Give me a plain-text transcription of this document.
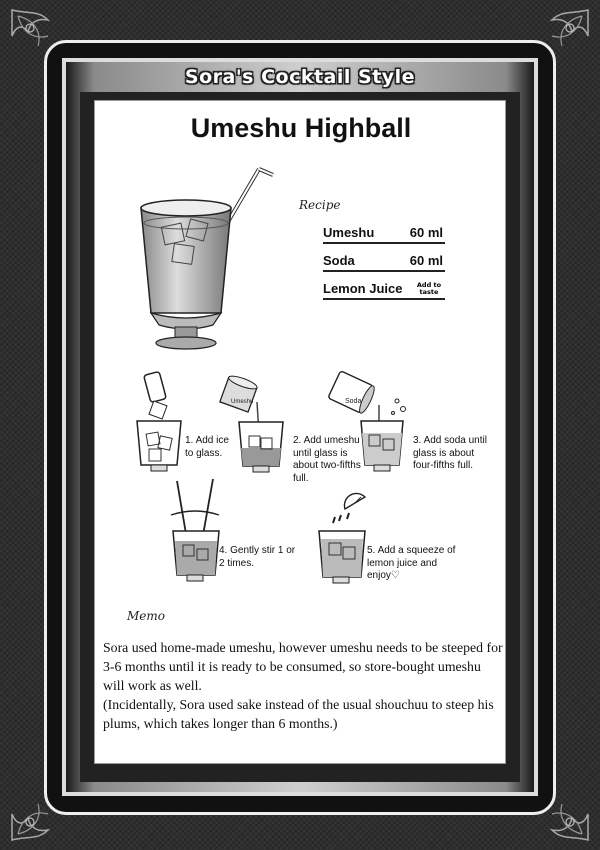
Sora's Cocktail Style
Umeshu Highball
Recipe
Umeshu	60 ml
Soda	60 ml
Lemon Juice Add to
taste
1. Add ice
to glass.
Umeshu
2. Add umeshu
until glass is
about two-fifths
full.
Soda
3. Add soda until
glass is about
four-fifths full.
4. Gently stir 1 or
2 times.
5. Add a squeeze of
lemon juice and
enjoy♡
Memo

Sora used home-made umeshu, however umeshu needs to be steeped for 3-6 months until it is ready to be consumed, so store-bought umeshu will work as well.

(Incidentally, Sora used sake instead of the usual shouchuu to steep his plums, which takes longer than 6 months.)
